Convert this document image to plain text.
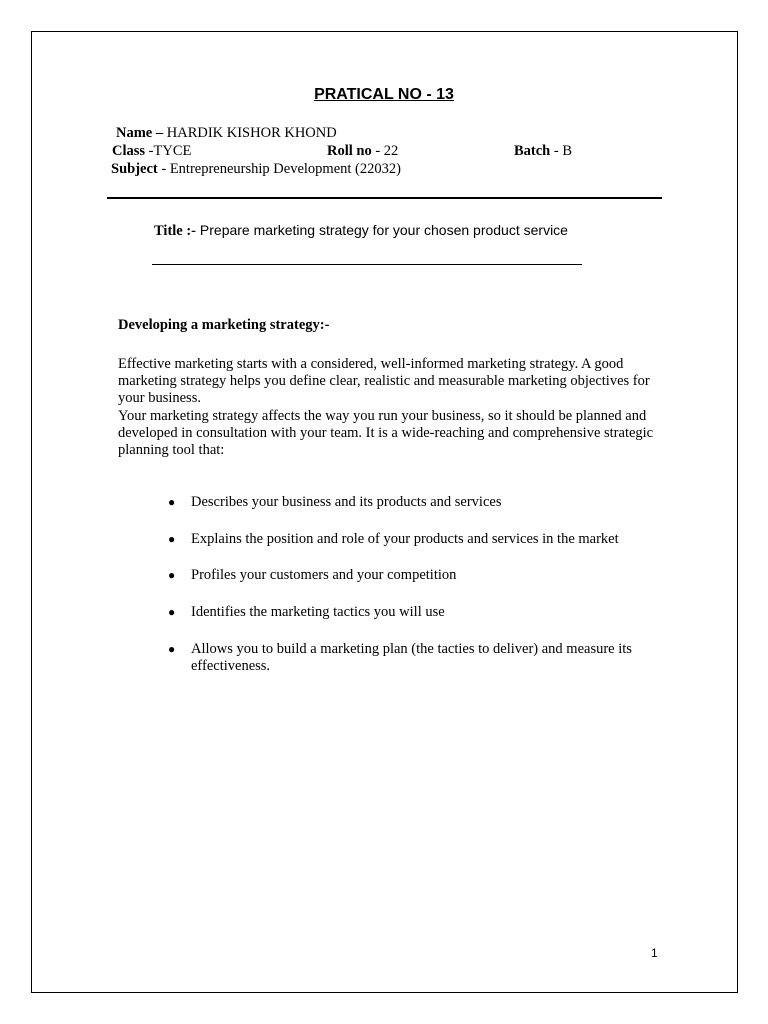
PRATICAL NO - 13
Name – HARDIK KISHOR KHOND
Class -TYCE	Roll no - 22	Batch - B
Subject - Entrepreneurship Development (22032)
Title :- Prepare marketing strategy for your chosen product service
Developing a marketing strategy:-
Effective marketing starts with a considered, well-informed marketing strategy. A good marketing strategy helps you define clear, realistic and measurable marketing objectives for your business.
Your marketing strategy affects the way you run your business, so it should be planned and developed in consultation with your team. It is a wide-reaching and comprehensive strategic planning tool that:
● Describes your business and its products and services
● Explains the position and role of your products and services in the market
● Profiles your customers and your competition
● Identifies the marketing tactics you will use
● Allows you to build a marketing plan (the tacties to deliver) and measure its effectiveness.
1
